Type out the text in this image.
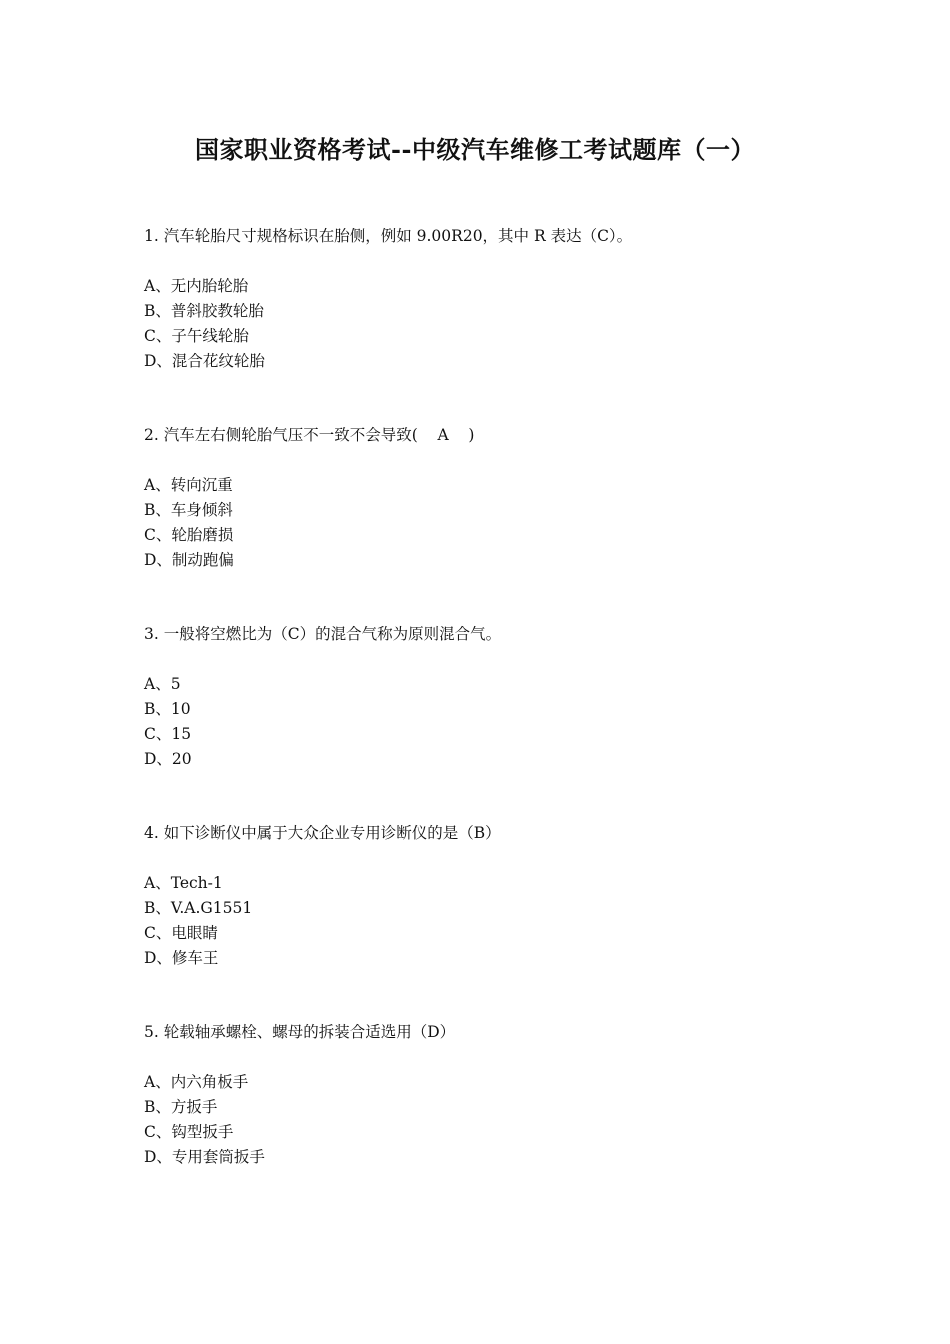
国家职业资格考试--中级汽车维修工考试题库（一）
1. 汽车轮胎尺寸规格标识在胎侧，例如 9.00R20，其中 R 表达（C）。
A、无内胎轮胎
B、普斜胶教轮胎
C、子午线轮胎
D、混合花纹轮胎
2. 汽车左右侧轮胎气压不一致不会导致(    A    )
A、转向沉重
B、车身倾斜
C、轮胎磨损
D、制动跑偏
3. 一般将空燃比为（C）的混合气称为原则混合气。
A、5
B、10
C、15
D、20
4. 如下诊断仪中属于大众企业专用诊断仪的是（B）
A、Tech-1
B、V.A.G1551
C、电眼睛
D、修车王
5. 轮载轴承螺栓、螺母的拆装合适选用（D）
A、内六角板手
B、方扳手
C、钩型扳手
D、专用套筒扳手
